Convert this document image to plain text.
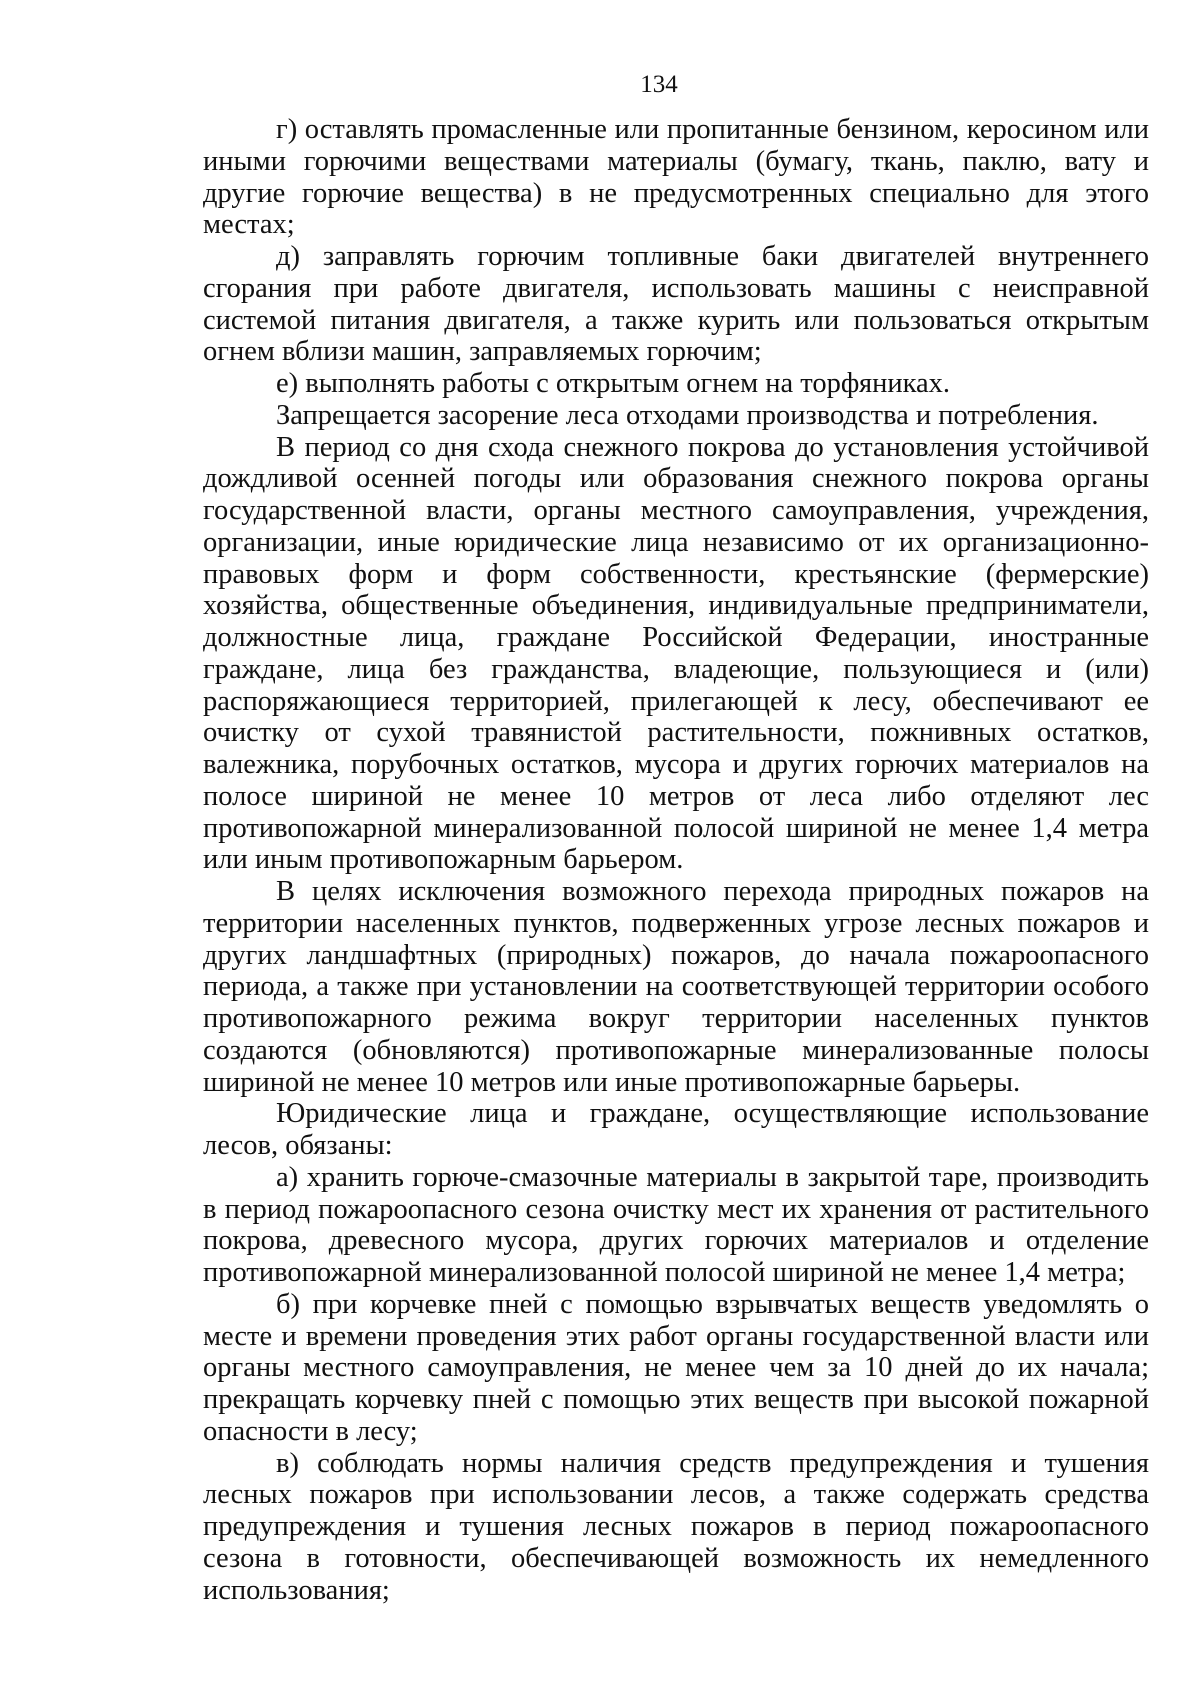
134

г) оставлять промасленные или пропитанные бензином, керосином или иными горючими веществами материалы (бумагу, ткань, паклю, вату и другие горючие вещества) в не предусмотренных специально для этого местах;

д) заправлять горючим топливные баки двигателей внутреннего сгорания при работе двигателя, использовать машины с неисправной системой питания двигателя, а также курить или пользоваться открытым огнем вблизи машин, заправляемых горючим;

е) выполнять работы с открытым огнем на торфяниках.

Запрещается засорение леса отходами производства и потребления.

В период со дня схода снежного покрова до установления устойчивой дождливой осенней погоды или образования снежного покрова органы государственной власти, органы местного самоуправления, учреждения, организации, иные юридические лица независимо от их организационно-правовых форм и форм собственности, крестьянские (фермерские) хозяйства, общественные объединения, индивидуальные предприниматели, должностные лица, граждане Российской Федерации, иностранные граждане, лица без гражданства, владеющие, пользующиеся и (или) распоряжающиеся территорией, прилегающей к лесу, обеспечивают ее очистку от сухой травянистой растительности, пожнивных остатков, валежника, порубочных остатков, мусора и других горючих материалов на полосе шириной не менее 10 метров от леса либо отделяют лес противопожарной минерализованной полосой шириной не менее 1,4 метра или иным противопожарным барьером.

В целях исключения возможного перехода природных пожаров на территории населенных пунктов, подверженных угрозе лесных пожаров и других ландшафтных (природных) пожаров, до начала пожароопасного периода, а также при установлении на соответствующей территории особого противопожарного режима вокруг территории населенных пунктов создаются (обновляются) противопожарные минерализованные полосы шириной не менее 10 метров или иные противопожарные барьеры.

Юридические лица и граждане, осуществляющие использование лесов, обязаны:

а) хранить горюче-смазочные материалы в закрытой таре, производить в период пожароопасного сезона очистку мест их хранения от растительного покрова, древесного мусора, других горючих материалов и отделение противопожарной минерализованной полосой шириной не менее 1,4 метра;

б) при корчевке пней с помощью взрывчатых веществ уведомлять о месте и времени проведения этих работ органы государственной власти или органы местного самоуправления, не менее чем за 10 дней до их начала; прекращать корчевку пней с помощью этих веществ при высокой пожарной опасности в лесу;

в) соблюдать нормы наличия средств предупреждения и тушения лесных пожаров при использовании лесов, а также содержать средства предупреждения и тушения лесных пожаров в период пожароопасного сезона в готовности, обеспечивающей возможность их немедленного использования;
